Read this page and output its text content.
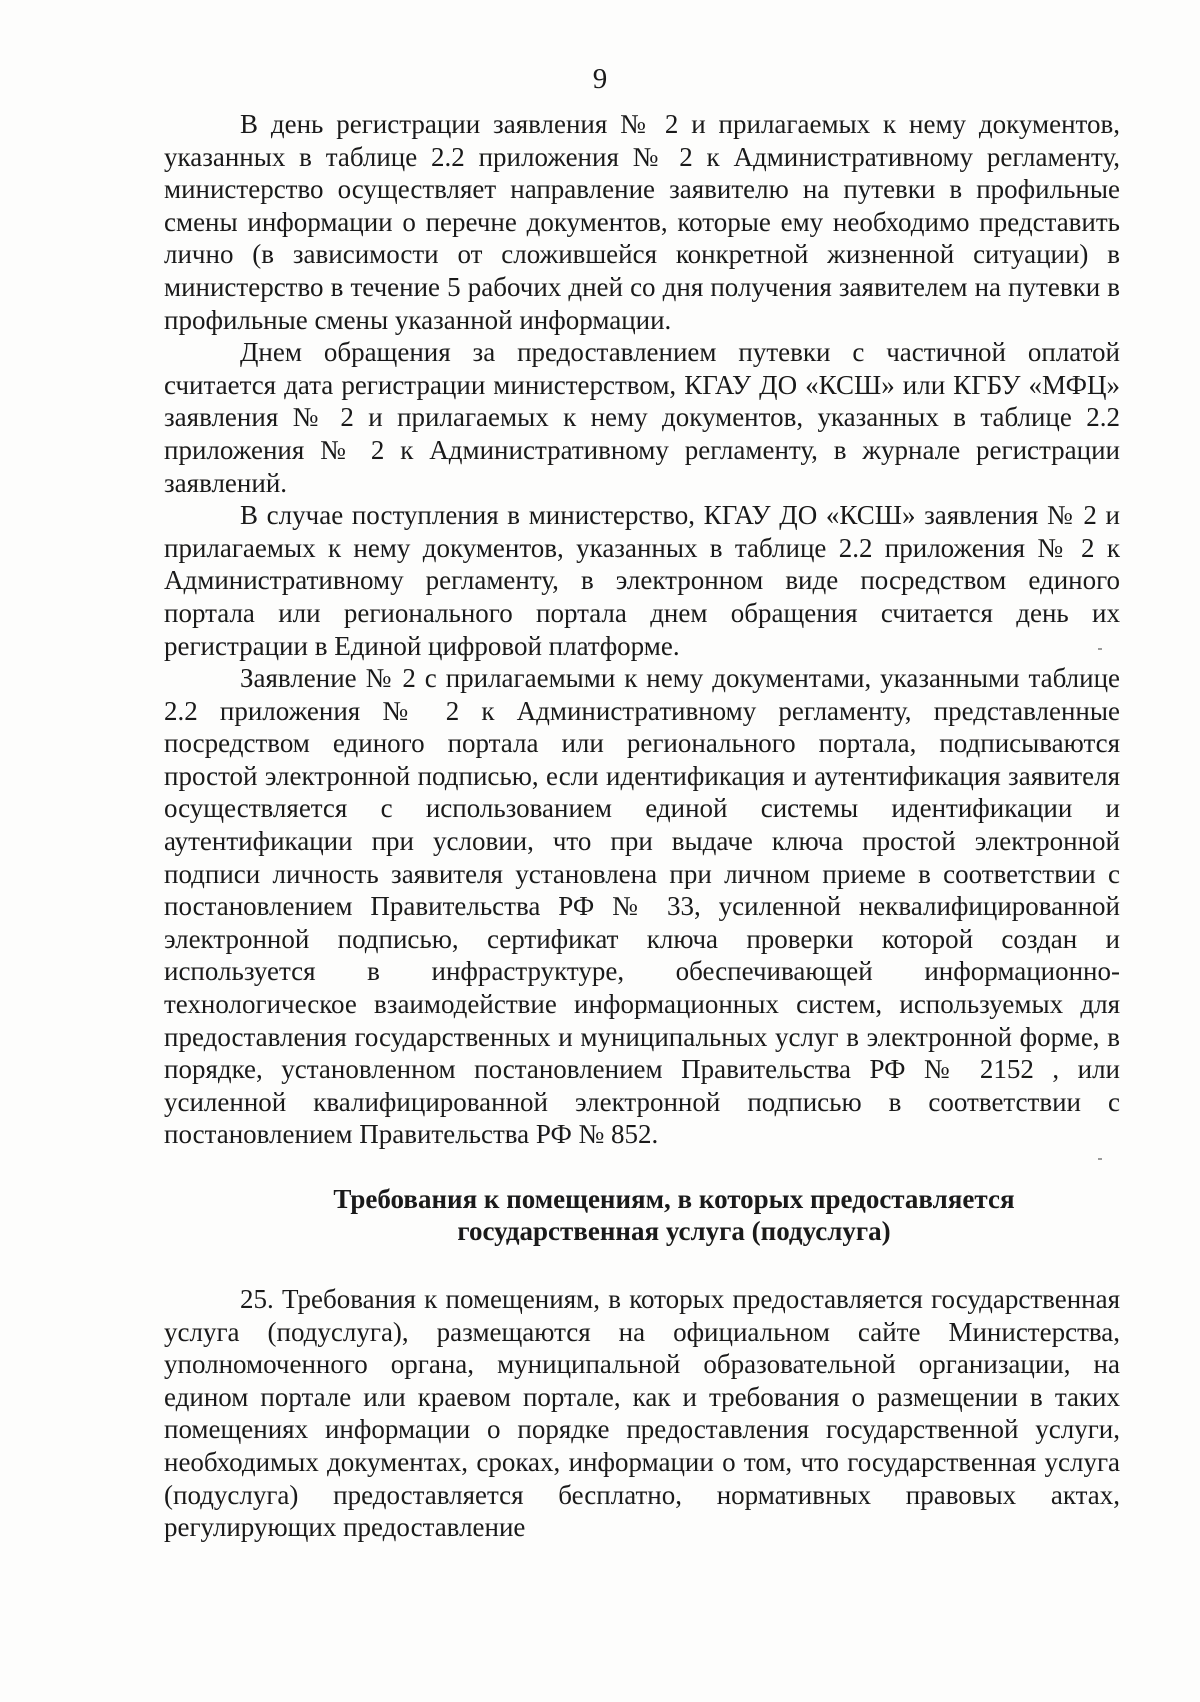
9

В день регистрации заявления № 2 и прилагаемых к нему документов, указанных в таблице 2.2 приложения № 2 к Административному регламенту, министерство осуществляет направление заявителю на путевки в профильные смены информации о перечне документов, которые ему необходимо представить лично (в зависимости от сложившейся конкретной жизненной ситуации) в министерство в течение 5 рабочих дней со дня получения заявителем на путевки в профильные смены указанной информации.

Днем обращения за предоставлением путевки с частичной оплатой считается дата регистрации министерством, КГАУ ДО «КСШ» или КГБУ «МФЦ» заявления № 2 и прилагаемых к нему документов, указанных в таблице 2.2 приложения № 2 к Административному регламенту, в журнале регистрации заявлений.

В случае поступления в министерство, КГАУ ДО «КСШ» заявления № 2 и прилагаемых к нему документов, указанных в таблице 2.2 приложения № 2 к Административному регламенту, в электронном виде посредством единого портала или регионального портала днем обращения считается день их регистрации в Единой цифровой платформе.

Заявление № 2 с прилагаемыми к нему документами, указанными таблице 2.2 приложения № 2 к Административному регламенту, представленные посредством единого портала или регионального портала, подписываются простой электронной подписью, если идентификация и аутентификация заявителя осуществляется с использованием единой системы идентификации и аутентификации при условии, что при выдаче ключа простой электронной подписи личность заявителя установлена при личном приеме в соответствии с постановлением Правительства РФ № 33, усиленной неквалифицированной электронной подписью, сертификат ключа проверки которой создан и используется в инфраструктуре, обеспечивающей информационно-технологическое взаимодействие информационных систем, используемых для предоставления государственных и муниципальных услуг в электронной форме, в порядке, установленном постановлением Правительства РФ № 2152 , или усиленной квалифицированной электронной подписью в соответствии с постановлением Правительства РФ № 852.

Требования к помещениям, в которых предоставляется
государственная услуга (подуслуга)

25. Требования к помещениям, в которых предоставляется государственная услуга (подуслуга), размещаются на официальном сайте Министерства, уполномоченного органа, муниципальной образовательной организации, на едином портале или краевом портале, как и требования о размещении в таких помещениях информации о порядке предоставления государственной услуги, необходимых документах, сроках, информации о том, что государственная услуга (подуслуга) предоставляется бесплатно, нормативных правовых актах, регулирующих предоставление
